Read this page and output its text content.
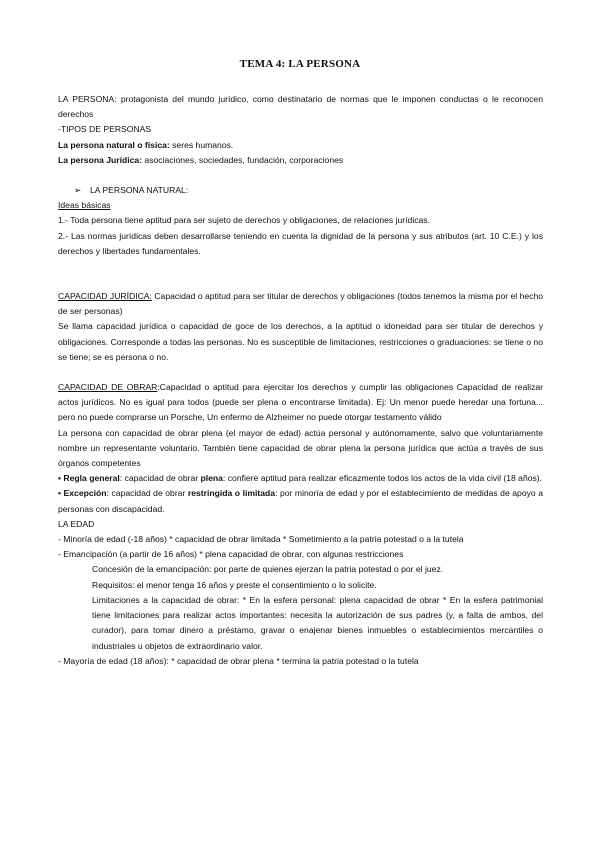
TEMA 4: LA PERSONA

LA PERSONA: protagonista del mundo jurídico, como destinatario de normas que le imponen conductas o le reconocen derechos

-TIPOS DE PERSONAS

La persona natural o física: seres humanos.

La persona Jurídica: asociaciones, sociedades, fundación, corporaciones

➢ LA PERSONA NATURAL:

Ideas básicas

1.- Toda persona tiene aptitud para ser sujeto de derechos y obligaciones, de relaciones jurídicas.

2.- Las normas jurídicas deben desarrollarse teniendo en cuenta la dignidad de la persona y sus atributos (art. 10 C.E.) y los derechos y libertades fundamentales.

CAPACIDAD JURÍDICA: Capacidad o aptitud para ser titular de derechos y obligaciones (todos tenemos la misma por el hecho de ser personas)

Se llama capacidad jurídica o capacidad de goce de los derechos, a la aptitud o idoneidad para ser titular de derechos y obligaciones. Corresponde a todas las personas. No es susceptible de limitaciones, restricciones o graduaciones: se tiene o no se tiene; se es persona o no.

CAPACIDAD DE OBRAR:Capacidad o aptitud para ejercitar los derechos y cumplir las obligaciones Capacidad de realizar actos jurídicos. No es igual para todos (puede ser plena o encontrarse limitada). Ej: Un menor puede heredar una fortuna... pero no puede comprarse un Porsche, Un enfermo de Alzheimer no puede otorgar testamento válido

La persona con capacidad de obrar plena (el mayor de edad) actúa personal y autónomamente, salvo que voluntariamente nombre un representante voluntario. También tiene capacidad de obrar plena la persona jurídica que actúa a través de sus órganos competentes

• Regla general: capacidad de obrar plena: confiere aptitud para realizar eficazmente todos los actos de la vida civil (18 años).

• Excepción: capacidad de obrar restringida o limitada: por minoría de edad y por el establecimiento de medidas de apoyo a personas con discapacidad.

LA EDAD

- Minoría de edad (-18 años) * capacidad de obrar limitada * Sometimiento a la patria potestad o a la tutela

- Emancipación (a partir de 16 años) * plena capacidad de obrar, con algunas restricciones

Concesión de la emancipación: por parte de quienes ejerzan la patria potestad o por el juez.

Requisitos: el menor tenga 16 años y preste el consentimiento o lo solicite.

Limitaciones a la capacidad de obrar: * En la esfera personal: plena capacidad de obrar * En la esfera patrimonial tiene limitaciones para realizar actos importantes: necesita la autorización de sus padres (y, a falta de ambos, del curador), para tomar dinero a préstamo, gravar o enajenar bienes inmuebles o establecimientos mercantiles o industriales u objetos de extraordinario valor.

- Mayoría de edad (18 años): * capacidad de obrar plena * termina la patria potestad o la tutela
